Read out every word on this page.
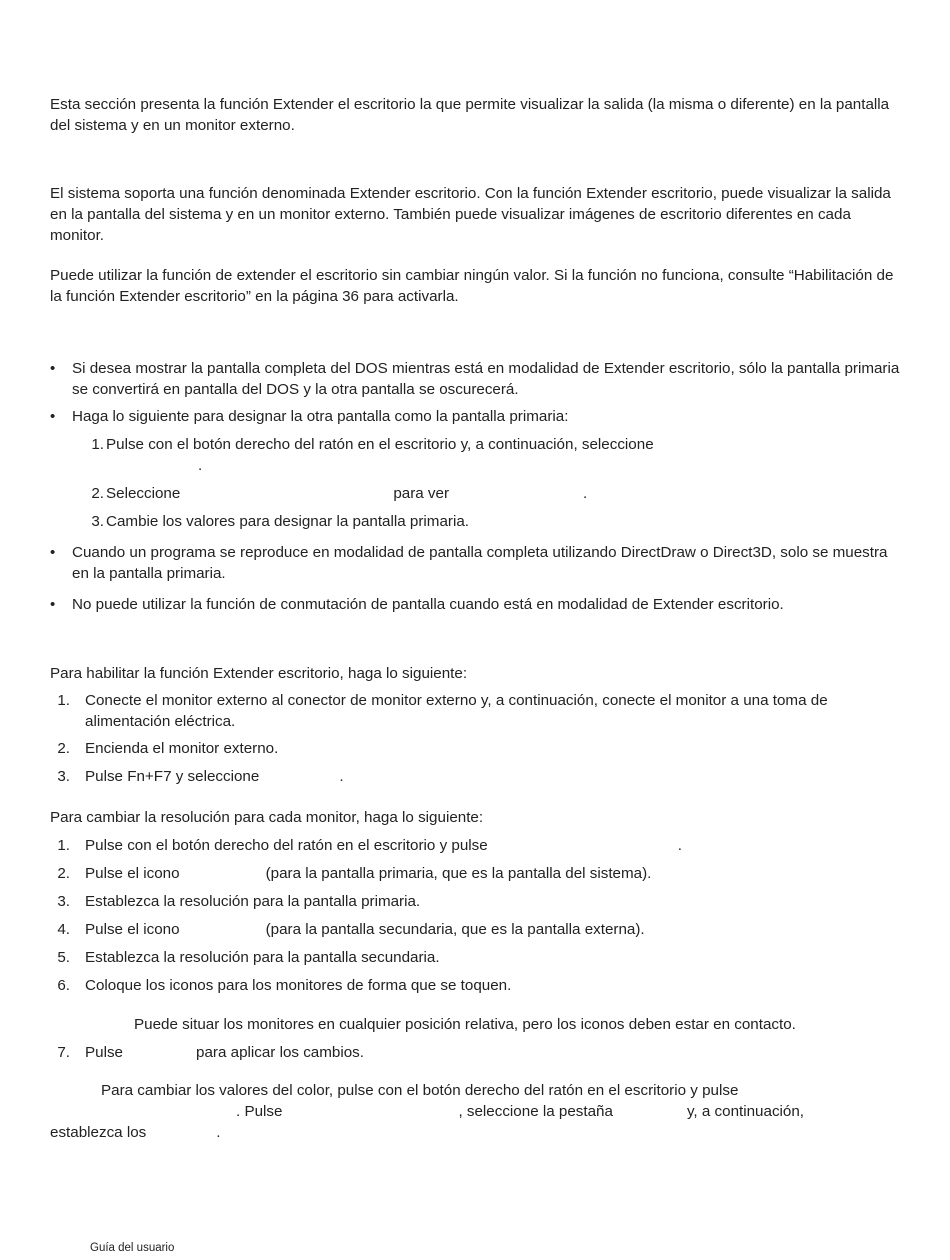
Esta sección presenta la función Extender el escritorio la que permite visualizar la salida (la misma o diferente) en la pantalla del sistema y en un monitor externo.
El sistema soporta una función denominada Extender escritorio. Con la función Extender escritorio, puede visualizar la salida en la pantalla del sistema y en un monitor externo. También puede visualizar imágenes de escritorio diferentes en cada monitor.
Puede utilizar la función de extender el escritorio sin cambiar ningún valor. Si la función no funciona, consulte “Habilitación de la función Extender escritorio” en la página 36 para activarla.
• Si desea mostrar la pantalla completa del DOS mientras está en modalidad de Extender escritorio, sólo la pantalla primaria se convertirá en pantalla del DOS y la otra pantalla se oscurecerá.
• Haga lo siguiente para designar la otra pantalla como la pantalla primaria:
1. Pulse con el botón derecho del ratón en el escritorio y, a continuación, seleccione
.
2. Seleccione	para ver	.
3. Cambie los valores para designar la pantalla primaria.
• Cuando un programa se reproduce en modalidad de pantalla completa utilizando DirectDraw o Direct3D, solo se muestra en la pantalla primaria.
• No puede utilizar la función de conmutación de pantalla cuando está en modalidad de Extender escritorio.
Para habilitar la función Extender escritorio, haga lo siguiente:
1. Conecte el monitor externo al conector de monitor externo y, a continuación, conecte el monitor a una toma de alimentación eléctrica.
2. Encienda el monitor externo.
3. Pulse Fn+F7 y seleccione	.
Para cambiar la resolución para cada monitor, haga lo siguiente:
1. Pulse con el botón derecho del ratón en el escritorio y pulse	.
2. Pulse el icono	(para la pantalla primaria, que es la pantalla del sistema).
3. Establezca la resolución para la pantalla primaria.
4. Pulse el icono	(para la pantalla secundaria, que es la pantalla externa).
5. Establezca la resolución para la pantalla secundaria.
6. Coloque los iconos para los monitores de forma que se toquen.
Puede situar los monitores en cualquier posición relativa, pero los iconos deben estar en contacto.
7. Pulse	para aplicar los cambios.
Para cambiar los valores del color, pulse con el botón derecho del ratón en el escritorio y pulse
. Pulse	, seleccione la pestaña	y, a continuación,
establezca los	.
Guía del usuario
